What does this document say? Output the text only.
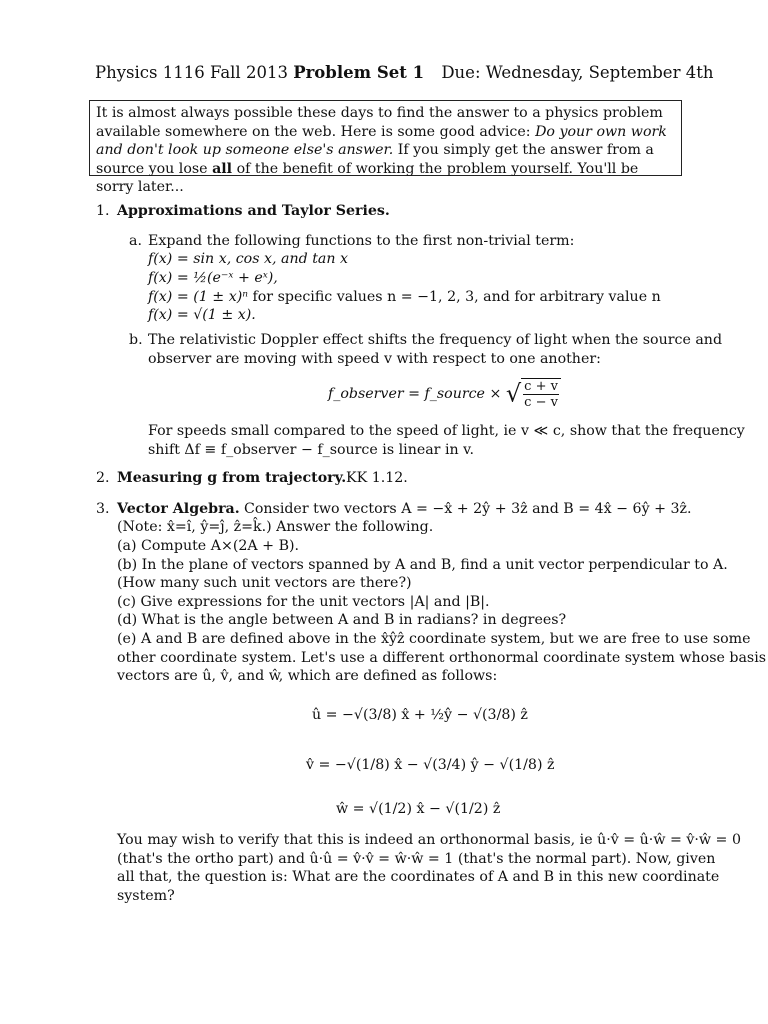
Physics 1116 Fall 2013 Problem Set 1 Due: Wednesday, September 4th
It is almost always possible these days to find the answer to a physics problem available somewhere on the web. Here is some good advice: Do your own work and don't look up someone else's answer. If you simply get the answer from a source you lose all of the benefit of working the problem yourself. You'll be sorry later...
1. Approximations and Taylor Series.
a. Expand the following functions to the first non-trivial term:
f(x) = sin x, cos x, and tan x
f(x) = ½(e⁻ˣ + eˣ),
f(x) = (1 ± x)ⁿ for specific values n = −1, 2, 3, and for arbitrary value n
f(x) = √(1 ± x).
b. The relativistic Doppler effect shifts the frequency of light when the source and
observer are moving with speed v with respect to one another:
f_observer = f_source × √ $\frac{c + v}{c - v}$
For speeds small compared to the speed of light, ie v ≪ c, show that the frequency
shift Δf ≡ f_observer − f_source is linear in v.
2. Measuring g from trajectory. KK 1.12.
3. Vector Algebra. Consider two vectors A = −x̂ + 2ŷ + 3ẑ and B = 4x̂ − 6ŷ + 3ẑ.
(Note: x̂=î, ŷ=ĵ, ẑ=k̂.) Answer the following.
(a) Compute A×(2A + B).
(b) In the plane of vectors spanned by A and B, find a unit vector perpendicular to A.
(How many such unit vectors are there?)
(c) Give expressions for the unit vectors |A| and |B|.
(d) What is the angle between A and B in radians? in degrees?
(e) A and B are defined above in the x̂ŷẑ coordinate system, but we are free to use some
other coordinate system. Let's use a different orthonormal coordinate system whose basis
vectors are û, v̂, and ŵ, which are defined as follows:
û = −√(3/8) x̂ + ½ŷ − √(3/8) ẑ
v̂ = −√(1/8) x̂ − √(3/4) ŷ − √(1/8) ẑ
ŵ = √(1/2) x̂ − √(1/2) ẑ
You may wish to verify that this is indeed an orthonormal basis, ie û·v̂ = û·ŵ = v̂·ŵ = 0
(that's the ortho part) and û·û = v̂·v̂ = ŵ·ŵ = 1 (that's the normal part). Now, given
all that, the question is: What are the coordinates of A and B in this new coordinate
system?
